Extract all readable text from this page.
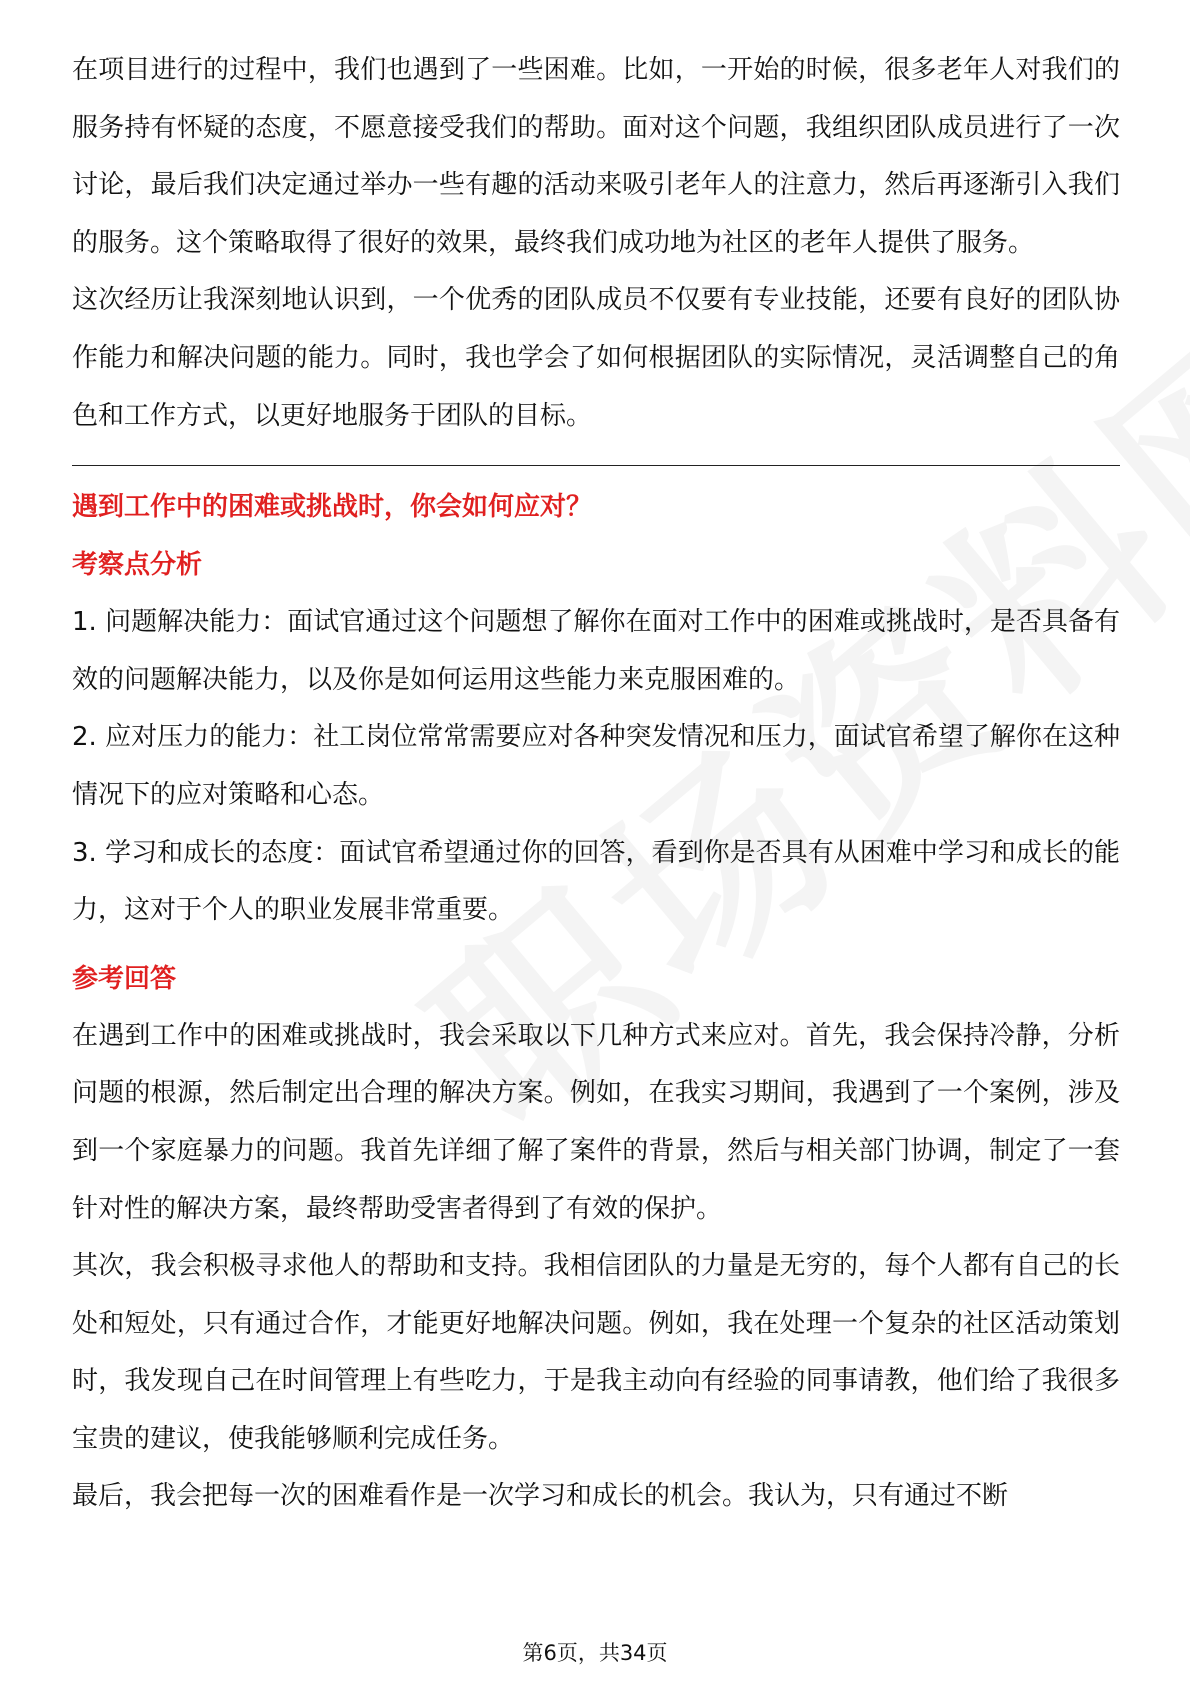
在项目进行的过程中，我们也遇到了一些困难。比如，一开始的时候，很多老年人对我们的服务持有怀疑的态度，不愿意接受我们的帮助。面对这个问题，我组织团队成员进行了一次讨论，最后我们决定通过举办一些有趣的活动来吸引老年人的注意力，然后再逐渐引入我们的服务。这个策略取得了很好的效果，最终我们成功地为社区的老年人提供了服务。

这次经历让我深刻地认识到，一个优秀的团队成员不仅要有专业技能，还要有良好的团队协作能力和解决问题的能力。同时，我也学会了如何根据团队的实际情况，灵活调整自己的角色和工作方式，以更好地服务于团队的目标。

遇到工作中的困难或挑战时，你会如何应对？
考察点分析

1. 问题解决能力：面试官通过这个问题想了解你在面对工作中的困难或挑战时，是否具备有效的问题解决能力，以及你是如何运用这些能力来克服困难的。

2. 应对压力的能力：社工岗位常常需要应对各种突发情况和压力，面试官希望了解你在这种情况下的应对策略和心态。

3. 学习和成长的态度：面试官希望通过你的回答，看到你是否具有从困难中学习和成长的能力，这对于个人的职业发展非常重要。

参考回答

在遇到工作中的困难或挑战时，我会采取以下几种方式来应对。首先，我会保持冷静，分析问题的根源，然后制定出合理的解决方案。例如，在我实习期间，我遇到了一个案例，涉及到一个家庭暴力的问题。我首先详细了解了案件的背景，然后与相关部门协调，制定了一套针对性的解决方案，最终帮助受害者得到了有效的保护。

其次，我会积极寻求他人的帮助和支持。我相信团队的力量是无穷的，每个人都有自己的长处和短处，只有通过合作，才能更好地解决问题。例如，我在处理一个复杂的社区活动策划时，我发现自己在时间管理上有些吃力，于是我主动向有经验的同事请教，他们给了我很多宝贵的建议，使我能够顺利完成任务。

最后，我会把每一次的困难看作是一次学习和成长的机会。我认为，只有通过不断

第6页，共34页
